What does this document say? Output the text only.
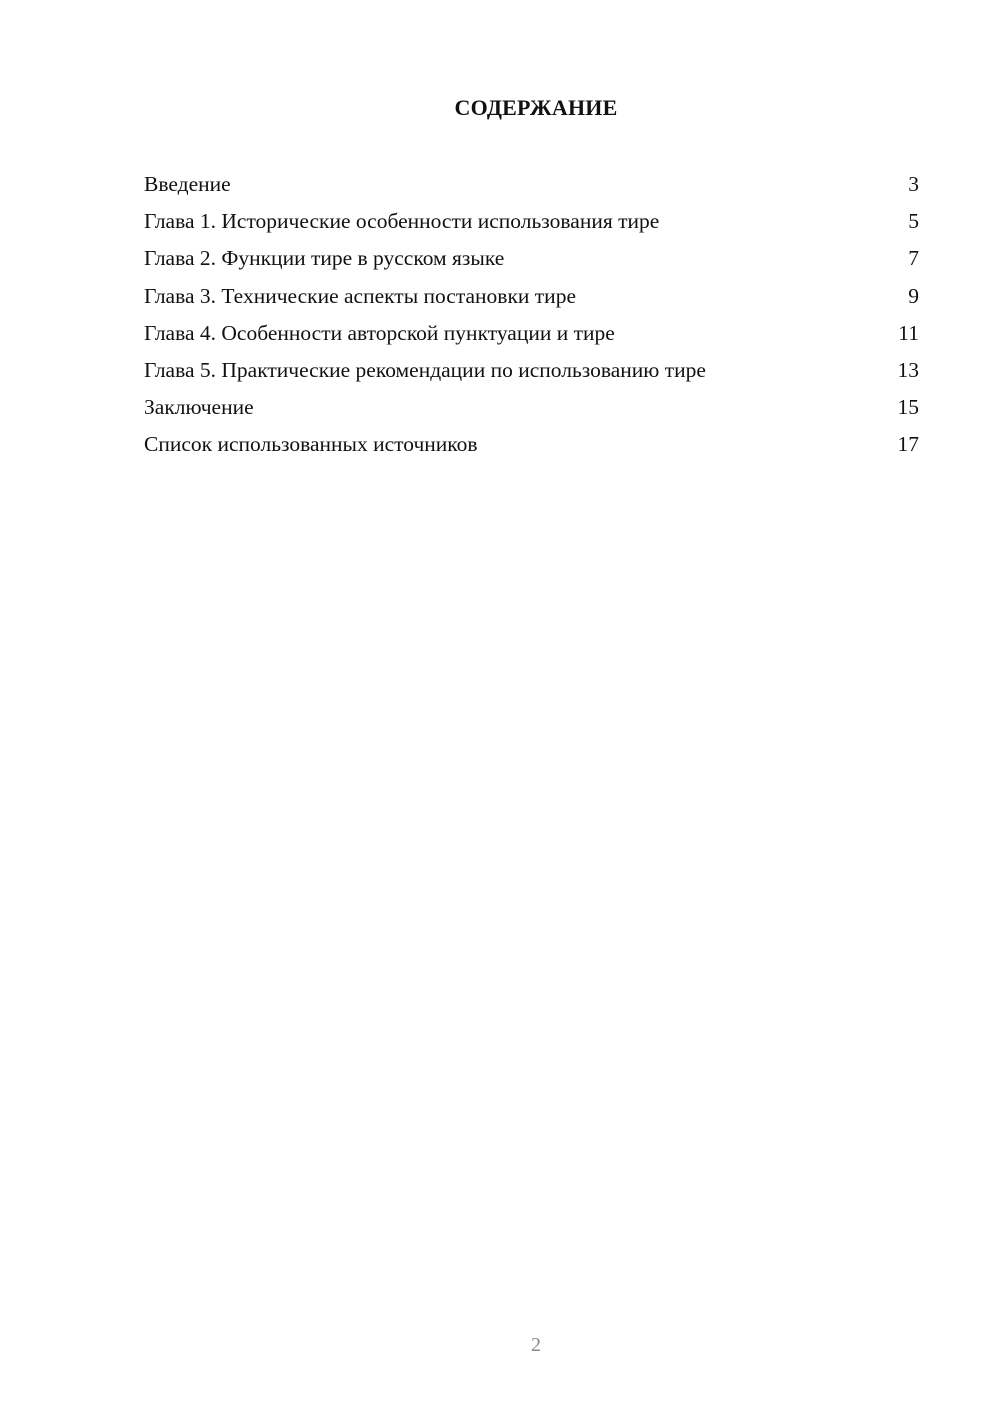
СОДЕРЖАНИЕ
Введение	3
Глава 1. Исторические особенности использования тире	5
Глава 2. Функции тире в русском языке	7
Глава 3. Технические аспекты постановки тире	9
Глава 4. Особенности авторской пунктуации и тире	11
Глава 5. Практические рекомендации по использованию тире	13
Заключение	15
Список использованных источников	17
2
